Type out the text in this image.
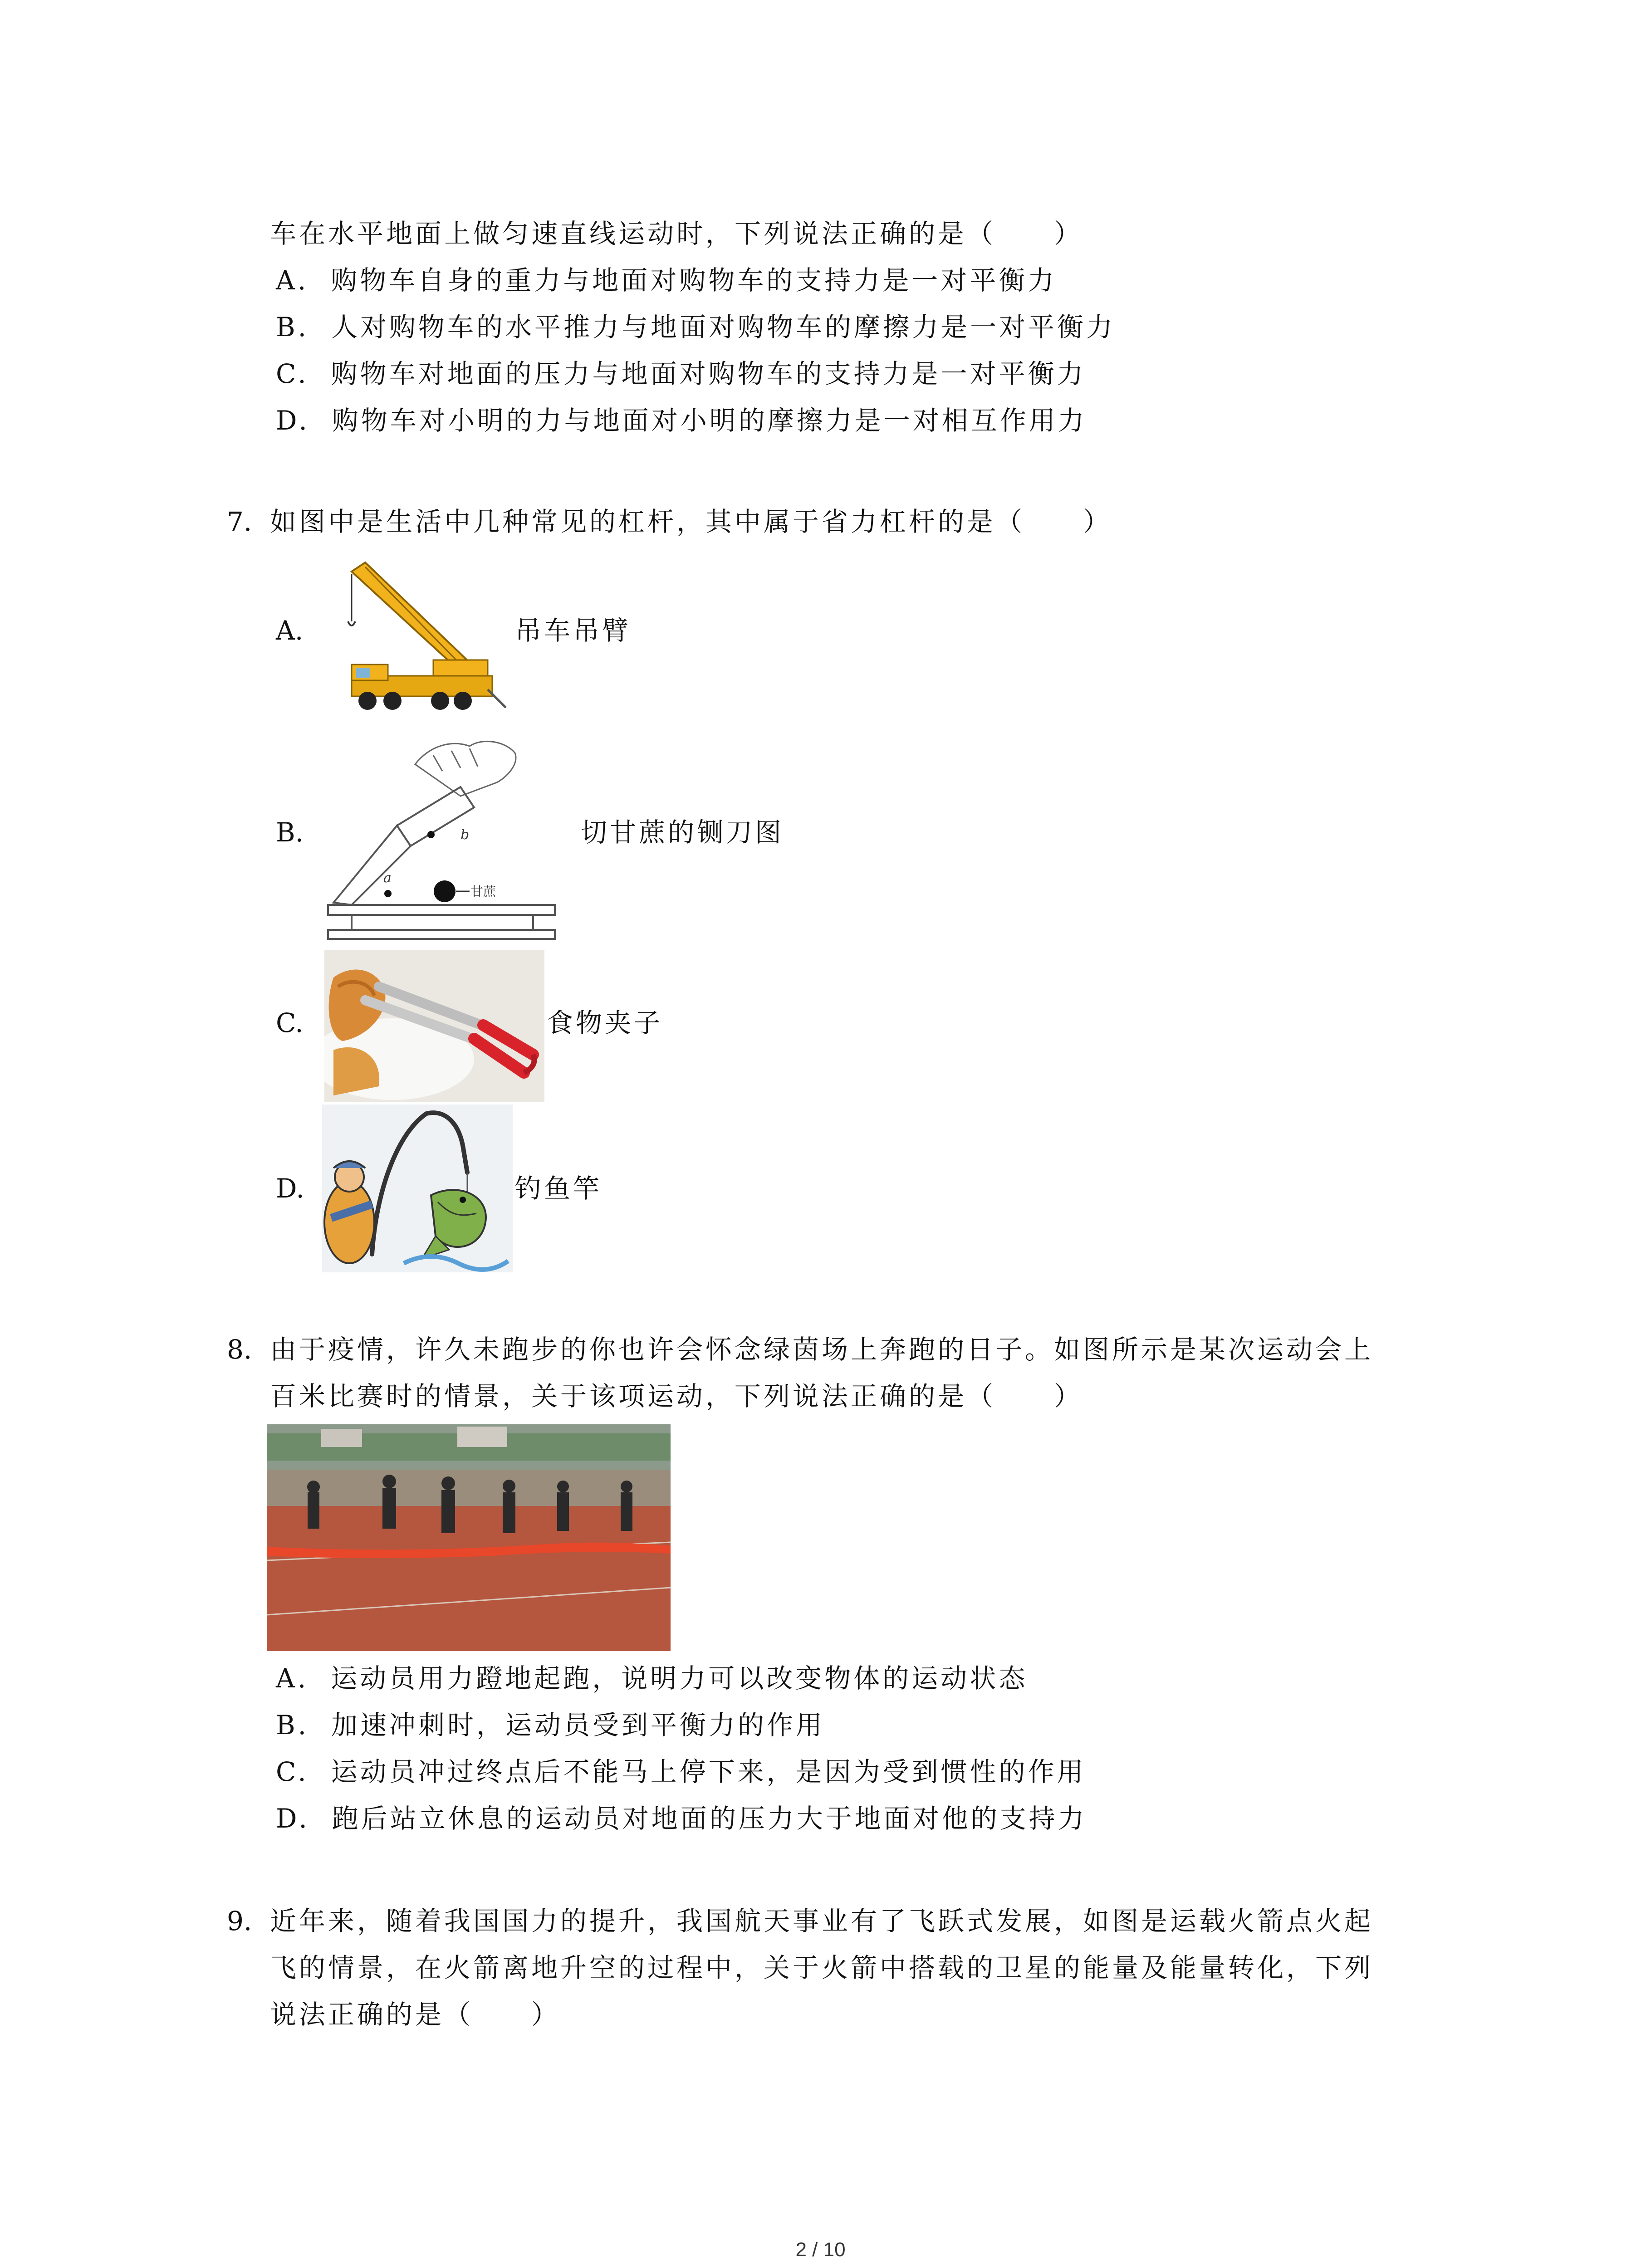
车在水平地面上做匀速直线运动时，下列说法正确的是（　　）
A. 购物车自身的重力与地面对购物车的支持力是一对平衡力
B. 人对购物车的水平推力与地面对购物车的摩擦力是一对平衡力
C. 购物车对地面的压力与地面对购物车的支持力是一对平衡力
D. 购物车对小明的力与地面对小明的摩擦力是一对相互作用力
7. 如图中是生活中几种常见的杠杆，其中属于省力杠杆的是（　　）
A.	吊车吊臂
B.
a
b
甘蔗
切甘蔗的铡刀图
C.	食物夹子
D.	钓鱼竿
8. 由于疫情，许久未跑步的你也许会怀念绿茵场上奔跑的日子。如图所示是某次运动会上
百米比赛时的情景，关于该项运动，下列说法正确的是（　　）
A. 运动员用力蹬地起跑，说明力可以改变物体的运动状态
B. 加速冲刺时，运动员受到平衡力的作用
C. 运动员冲过终点后不能马上停下来，是因为受到惯性的作用
D. 跑后站立休息的运动员对地面的压力大于地面对他的支持力
9. 近年来，随着我国国力的提升，我国航天事业有了飞跃式发展，如图是运载火箭点火起
飞的情景，在火箭离地升空的过程中，关于火箭中搭载的卫星的能量及能量转化，下列
说法正确的是（　　）
2 / 10
